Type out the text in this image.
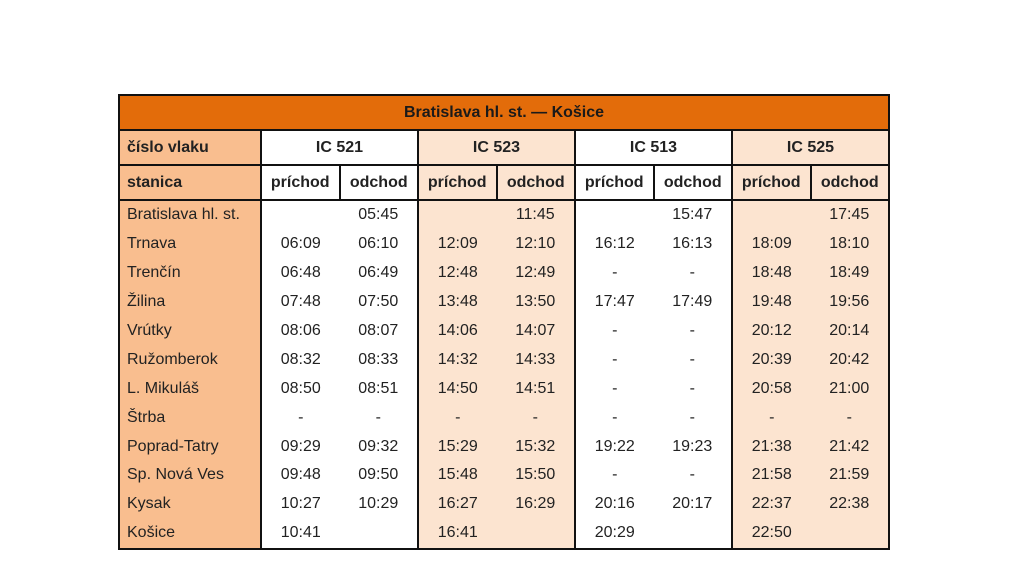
Bratislava hl. st. — Košice								
číslo vlaku	IC 521		IC 523		IC 513		IC 525	
stanica	príchod	odchod	príchod	odchod	príchod	odchod	príchod	odchod
Bratislava hl. st.		05:45		11:45		15:47		17:45
Trnava	06:09	06:10	12:09	12:10	16:12	16:13	18:09	18:10
Trenčín	06:48	06:49	12:48	12:49	-	-	18:48	18:49
Žilina	07:48	07:50	13:48	13:50	17:47	17:49	19:48	19:56
Vrútky	08:06	08:07	14:06	14:07	-	-	20:12	20:14
Ružomberok	08:32	08:33	14:32	14:33	-	-	20:39	20:42
L. Mikuláš	08:50	08:51	14:50	14:51	-	-	20:58	21:00
Štrba	-	-	-	-	-	-	-	-
Poprad-Tatry	09:29	09:32	15:29	15:32	19:22	19:23	21:38	21:42
Sp. Nová Ves	09:48	09:50	15:48	15:50	-	-	21:58	21:59
Kysak	10:27	10:29	16:27	16:29	20:16	20:17	22:37	22:38
Košice	10:41		16:41		20:29		22:50	
